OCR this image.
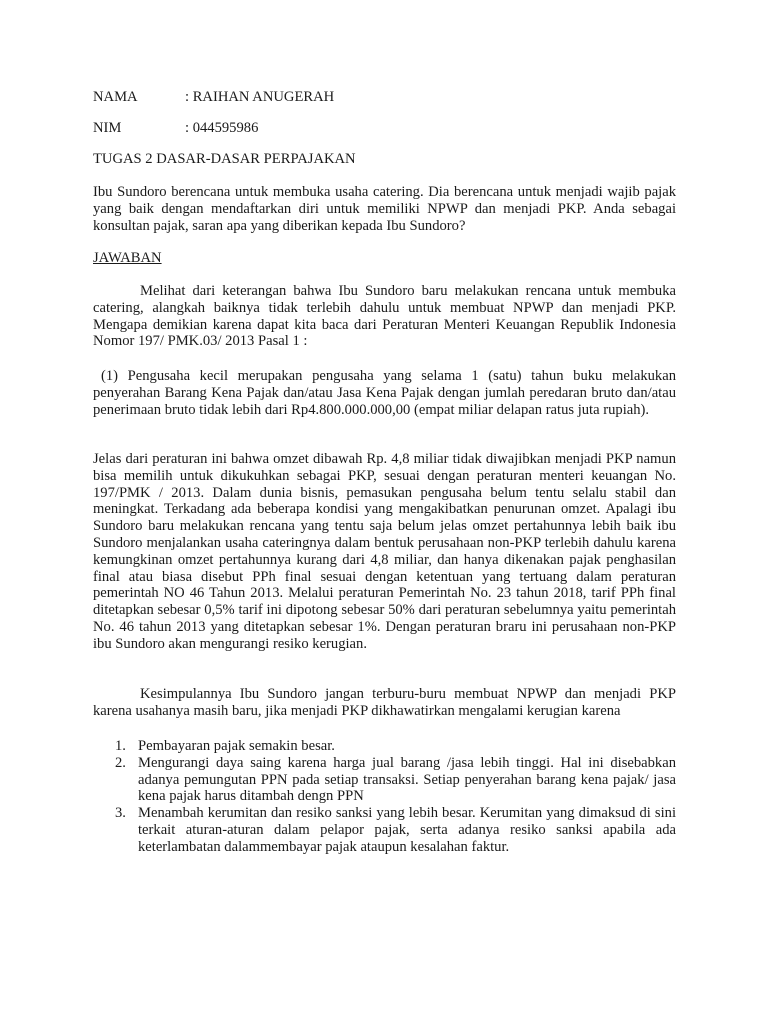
NAMA	: RAIHAN ANUGERAH
NIM	: 044595986
TUGAS 2 DASAR-DASAR PERPAJAKAN
Ibu Sundoro berencana untuk membuka usaha catering. Dia berencana untuk menjadi wajib pajak yang baik dengan mendaftarkan diri untuk memiliki NPWP dan menjadi PKP. Anda sebagai konsultan pajak, saran apa yang diberikan kepada Ibu Sundoro?
JAWABAN
Melihat dari keterangan bahwa Ibu Sundoro baru melakukan rencana untuk membuka catering, alangkah baiknya tidak terlebih dahulu untuk membuat NPWP dan menjadi PKP. Mengapa demikian karena dapat kita baca dari Peraturan Menteri Keuangan Republik Indonesia Nomor 197/ PMK.03/ 2013 Pasal 1 :
(1) Pengusaha kecil merupakan pengusaha yang selama 1 (satu) tahun buku melakukan penyerahan Barang Kena Pajak dan/atau Jasa Kena Pajak dengan jumlah peredaran bruto dan/atau penerimaan bruto tidak lebih dari Rp4.800.000.000,00 (empat miliar delapan ratus juta rupiah).
Jelas dari peraturan ini bahwa omzet dibawah Rp. 4,8 miliar tidak diwajibkan menjadi PKP namun bisa memilih untuk dikukuhkan sebagai PKP, sesuai dengan peraturan menteri keuangan No. 197/PMK / 2013. Dalam dunia bisnis, pemasukan pengusaha belum tentu selalu stabil dan meningkat. Terkadang ada beberapa kondisi yang mengakibatkan penurunan omzet. Apalagi ibu Sundoro baru melakukan rencana yang tentu saja belum jelas omzet pertahunnya lebih baik ibu Sundoro menjalankan usaha cateringnya dalam bentuk perusahaan non-PKP terlebih dahulu karena kemungkinan omzet pertahunnya kurang dari 4,8 miliar, dan hanya dikenakan pajak penghasilan final atau biasa disebut PPh final sesuai dengan ketentuan yang tertuang dalam peraturan pemerintah NO 46 Tahun 2013. Melalui peraturan Pemerintah No. 23 tahun 2018, tarif PPh final ditetapkan sebesar 0,5% tarif ini dipotong sebesar 50% dari peraturan sebelumnya yaitu pemerintah No. 46 tahun 2013 yang ditetapkan sebesar 1%. Dengan peraturan braru ini perusahaan non-PKP ibu Sundoro akan mengurangi resiko kerugian.
Kesimpulannya Ibu Sundoro jangan terburu-buru membuat NPWP dan menjadi PKP karena usahanya masih baru, jika menjadi PKP dikhawatirkan mengalami kerugian karena
1. Pembayaran pajak semakin besar.
2. Mengurangi daya saing karena harga jual barang /jasa lebih tinggi. Hal ini disebabkan adanya pemungutan PPN pada setiap transaksi. Setiap penyerahan barang kena pajak/ jasa kena pajak harus ditambah dengn PPN
3. Menambah kerumitan dan resiko sanksi yang lebih besar. Kerumitan yang dimaksud di sini terkait aturan-aturan dalam pelapor pajak, serta adanya resiko sanksi apabila ada keterlambatan dalammembayar pajak ataupun kesalahan faktur.
